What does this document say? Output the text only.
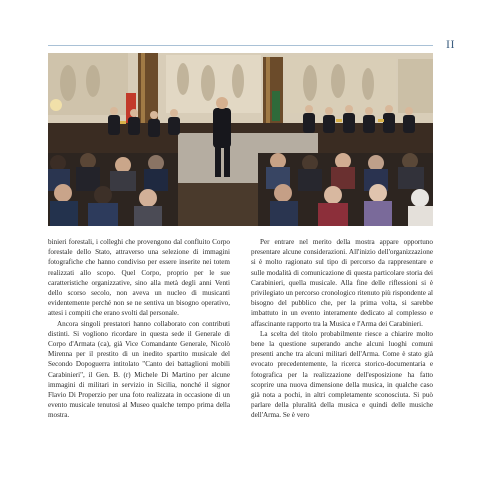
II

binieri forestali, i colleghi che provengono dal confluito Corpo forestale dello Stato, attraverso una selezione di immagini fotografiche che hanno condiviso per essere inserite nei totem realizzati allo scopo. Quel Corpo, proprio per le sue caratteristiche organizzative, sino alla metà degli anni Venti dello scorso secolo, non aveva un nucleo di musicanti evidentemente perché non se ne sentiva un bisogno operativo, attesi i compiti che erano svolti dal personale.

Ancora singoli prestatori hanno collaborato con contributi distinti. Si vogliono ricordare in questa sede il Generale di Corpo d'Armata (ca), già Vice Comandante Generale, Nicolò Mirenna per il prestito di un inedito spartito musicale del Secondo Dopoguerra intitolato "Canto dei battaglioni mobili Carabinieri", il Gen. B. (r) Michele Di Martino per alcune immagini di militari in servizio in Sicilia, nonché il signor Flavio Di Properzio per una foto realizzata in occasione di un evento musicale tenutosi al Museo qualche tempo prima della mostra.

Per entrare nel merito della mostra appare opportuno presentare alcune considerazioni. All'inizio dell'organizzazione si è molto ragionato sul tipo di percorso da rappresentare e sulle modalità di comunicazione di questa particolare storia dei Carabinieri, quella musicale. Alla fine delle riflessioni si è privilegiato un percorso cronologico ritenuto più rispondente al bisogno del pubblico che, per la prima volta, si sarebbe imbattuto in un evento interamente dedicato al complesso e affascinante rapporto tra la Musica e l'Arma dei Carabinieri.

La scelta del titolo probabilmente riesce a chiarire molto bene la questione superando anche alcuni luoghi comuni presenti anche tra alcuni militari dell'Arma. Come è stato già evocato precedentemente, la ricerca storico-documentaria e fotografica per la realizzazione dell'esposizione ha fatto scoprire una nuova dimensione della musica, in qualche caso già nota a pochi, in altri completamente sconosciuta. Si può parlare della pluralità della musica e quindi delle musiche dell'Arma. Se è vero
